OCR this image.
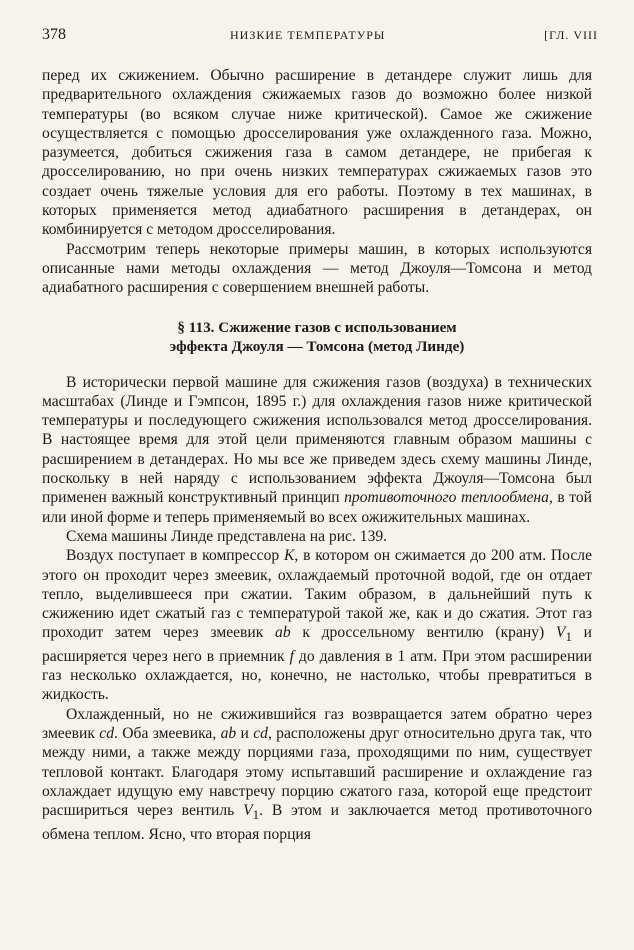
378	НИЗКИЕ ТЕМПЕРАТУРЫ	[ГЛ. VIII

перед их сжижением. Обычно расширение в детандере служит лишь для предварительного охлаждения сжижаемых газов до возможно более низкой температуры (во всяком случае ниже критической). Самое же сжижение осуществляется с помощью дросселирования уже охлажденного газа. Можно, разумеется, добиться сжижения газа в самом детандере, не прибегая к дросселированию, но при очень низких температурах сжижаемых газов это создает очень тяжелые условия для его работы. Поэтому в тех машинах, в которых применяется метод адиабатного расширения в детандерах, он комбинируется с методом дросселирования.

Рассмотрим теперь некоторые примеры машин, в которых используются описанные нами методы охлаждения — метод Джоуля—Томсона и метод адиабатного расширения с совершением внешней работы.

§ 113. Сжижение газов с использованием
эффекта Джоуля — Томсона (метод Линде)

В исторически первой машине для сжижения газов (воздуха) в технических масштабах (Линде и Гэмпсон, 1895 г.) для охлаждения газов ниже критической температуры и последующего сжижения использовался метод дросселирования. В настоящее время для этой цели применяются главным образом машины с расширением в детандерах. Но мы все же приведем здесь схему машины Линде, поскольку в ней наряду с использованием эффекта Джоуля—Томсона был применен важный конструктивный принцип противоточного теплообмена, в той или иной форме и теперь применяемый во всех ожижительных машинах.

Схема машины Линде представлена на рис. 139.

Воздух поступает в компрессор K, в котором он сжимается до 200 атм. После этого он проходит через змеевик, охлаждаемый проточной водой, где он отдает тепло, выделившееся при сжатии. Таким образом, в дальнейший путь к сжижению идет сжатый газ с температурой такой же, как и до сжатия. Этот газ проходит затем через змеевик ab к дроссельному вентилю (крану) $V_1$ и расширяется через него в приемник f до давления в 1 атм. При этом расширении газ несколько охлаждается, но, конечно, не настолько, чтобы превратиться в жидкость.

Охлажденный, но не сжижившийся газ возвращается затем обратно через змеевик cd. Оба змеевика, ab и cd, расположены друг относительно друга так, что между ними, а также между порциями газа, проходящими по ним, существует тепловой контакт. Благодаря этому испытавший расширение и охлаждение газ охлаждает идущую ему навстречу порцию сжатого газа, которой еще предстоит расшириться через вентиль $V_1$. В этом и заключается метод противоточного обмена теплом. Ясно, что вторая порция
